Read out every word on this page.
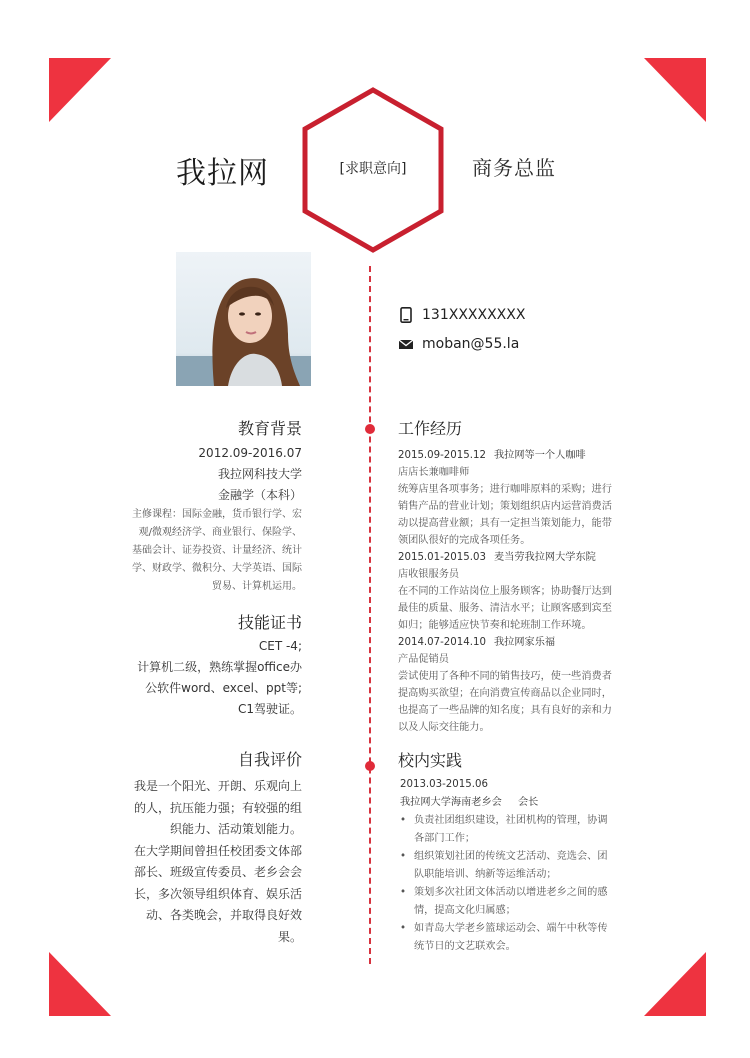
我拉网	[求职意向]	商务总监
131XXXXXXXX
moban@55.la
教育背景
2012.09-2016.07
我拉网科技大学
金融学（本科）
主修课程：国际金融，货币银行学、宏
观/微观经济学、商业银行、保险学、
基础会计、证券投资、计量经济、统计
学、财政学、微积分、大学英语、国际
贸易、计算机运用。
技能证书
CET -4;
计算机二级，熟练掌握office办
公软件word、excel、ppt等;
C1驾驶证。
自我评价
我是一个阳光、开朗、乐观向上
的人，抗压能力强；有较强的组
织能力、活动策划能力。
在大学期间曾担任校团委文体部
部长、班级宣传委员、老乡会会
长，多次领导组织体育、娱乐活
动、各类晚会，并取得良好效
果。
工作经历
2015.09-2015.12 我拉网等一个人咖啡
店店长兼咖啡师
统筹店里各项事务；进行咖啡原料的采购；进行
销售产品的营业计划；策划组织店内运营消费活
动以提高营业额；具有一定担当策划能力，能带
领团队很好的完成各项任务。
2015.01-2015.03 麦当劳我拉网大学东院
店收银服务员
在不同的工作站岗位上服务顾客；协助餐厅达到
最佳的质量、服务、清洁水平；让顾客感到宾至
如归；能够适应快节奏和轮班制工作环境。
2014.07-2014.10 我拉网家乐福
产品促销员
尝试使用了各种不同的销售技巧，使一些消费者
提高购买欲望；在向消费宣传商品以企业同时，
也提高了一些品牌的知名度；具有良好的亲和力
以及人际交往能力。
校内实践
2013.03-2015.06
我拉网大学海南老乡会	会长
• 负责社团组织建设，社团机构的管理，协调
各部门工作；
• 组织策划社团的传统文艺活动、竞选会、团
队职能培训、纳新等运维活动；
• 策划多次社团文体活动以增进老乡之间的感
情，提高文化归属感；
• 如青岛大学老乡篮球运动会、端午中秋等传
统节日的文艺联欢会。
